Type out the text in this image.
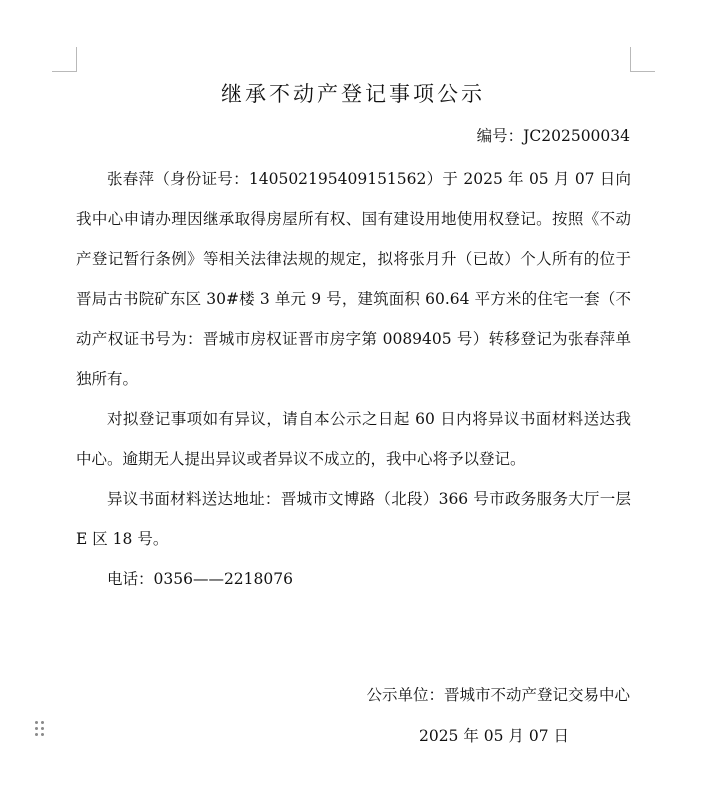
继承不动产登记事项公示
编号：JC202500034

张春萍（身份证号：140502195409151562）于 2025 年 05 月 07 日向我中心申请办理因继承取得房屋所有权、国有建设用地使用权登记。按照《不动产登记暂行条例》等相关法律法规的规定，拟将张月升（已故）个人所有的位于晋局古书院矿东区 30#楼 3 单元 9 号，建筑面积 60.64 平方米的住宅一套（不动产权证书号为：晋城市房权证晋市房字第 0089405 号）转移登记为张春萍单独所有。

对拟登记事项如有异议，请自本公示之日起 60 日内将异议书面材料送达我中心。逾期无人提出异议或者异议不成立的，我中心将予以登记。

异议书面材料送达地址：晋城市文博路（北段）366 号市政务服务大厅一层 E 区 18 号。

电话：0356——2218076

公示单位：晋城市不动产登记交易中心
2025 年 05 月 07 日
